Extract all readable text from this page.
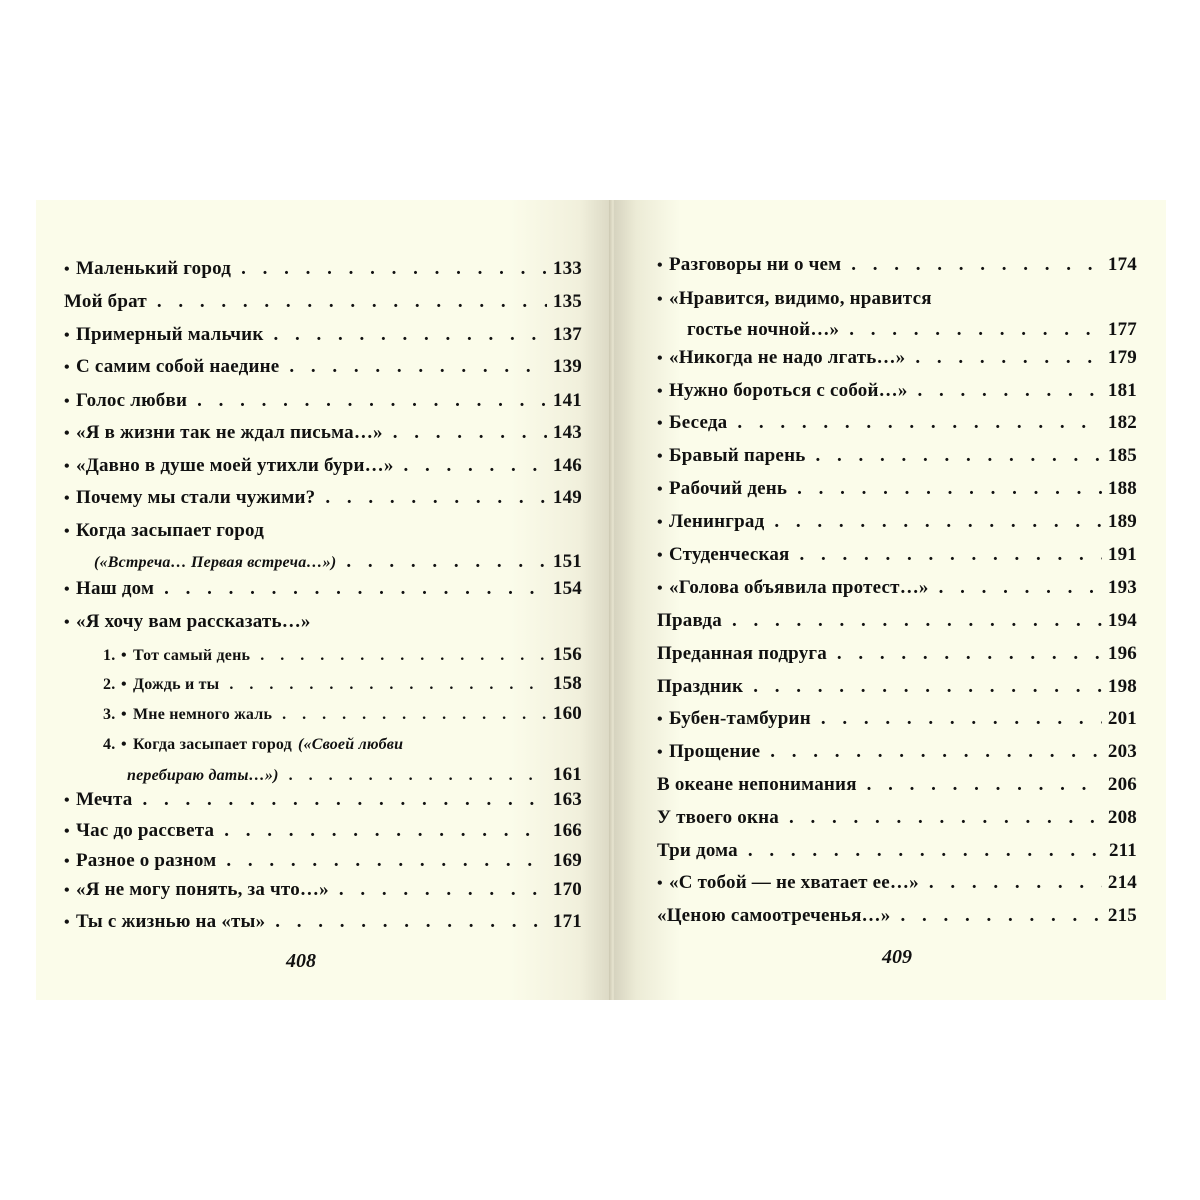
• Маленький город . . .	133
Мой брат . . .	135
• Примерный мальчик . . .	137
• С самим собой наедине . . .	139
• Голос любви . . .	141
• «Я в жизни так не ждал письма…» . . .	143
• «Давно в душе моей утихли бури…» . . .	146
• Почему мы стали чужими? . . .	149
• Когда засыпает город
(«Встреча… Первая встреча…») . . .	151
• Наш дом . . .	154
• «Я хочу вам рассказать…»
1. • Тот самый день . . .	156
2. • Дождь и ты . . .	158
3. • Мне немного жаль . . .	160
4. • Когда засыпает город («Своей любви
перебираю даты…») . . .	161
• Мечта . . .	163
• Час до рассвета . . .	166
• Разное о разном . . .	169
• «Я не могу понять, за что…» . . .	170
• Ты с жизнью на «ты» . . .	171
408
• Разговоры ни о чем . . .	174
• «Нравится, видимо, нравится
гостье ночной…» . . .	177
• «Никогда не надо лгать…» . . .	179
• Нужно бороться с собой…» . . .	181
• Беседа . . .	182
• Бравый парень . . .	185
• Рабочий день . . .	188
• Ленинград . . .	189
• Студенческая . . .	191
• «Голова объявила протест…» . . .	193
Правда . . .	194
Преданная подруга . . .	196
Праздник . . .	198
• Бубен-тамбурин . . .	201
• Прощение . . .	203
В океане непонимания . . .	206
У твоего окна . . .	208
Три дома . . .	211
• «С тобой — не хватает ее…» . . .	214
«Ценою самоотреченья…» . . .	215
409
